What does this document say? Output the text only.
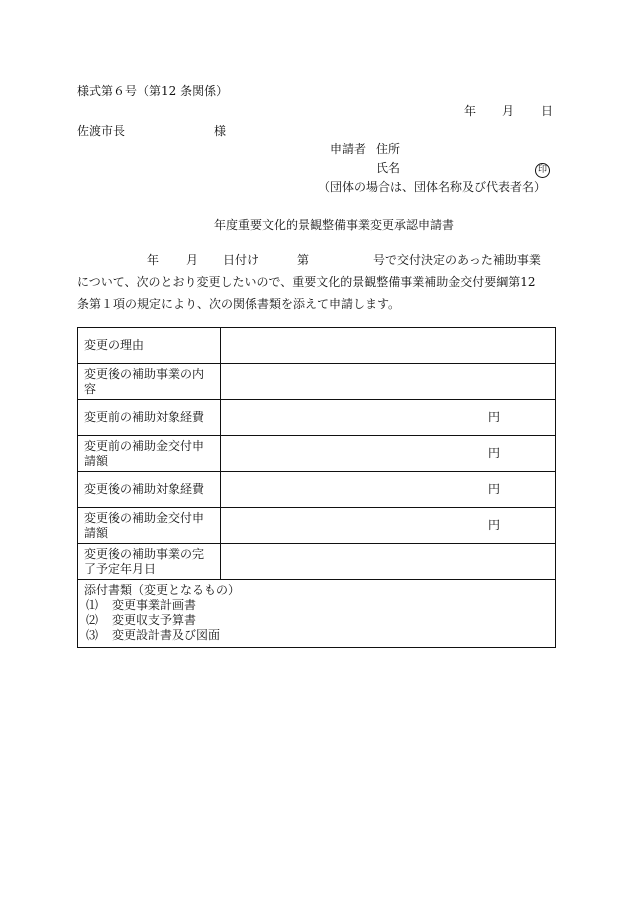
様式第６号（第12 条関係）
年 月 日
佐渡市長	様
申請者 住所
氏名	印
（団体の場合は、団体名称及び代表者名）
年度重要文化的景観整備事業変更承認申請書
年 月 日付け	第	号で交付決定のあった補助事業
について、次のとおり変更したいので、重要文化的景観整備事業補助金交付要綱第12
条第１項の規定により、次の関係書類を添えて申請します。
変更の理由	
変更後の補助事業の内容	
変更前の補助対象経費	円
変更前の補助金交付申請額	円
変更後の補助対象経費	円
変更後の補助金交付申請額	円
変更後の補助事業の完了予定年月日	

添付書類（変更となるもの）
⑴ 変更事業計画書
⑵ 変更収支予算書
⑶ 変更設計書及び図面	
